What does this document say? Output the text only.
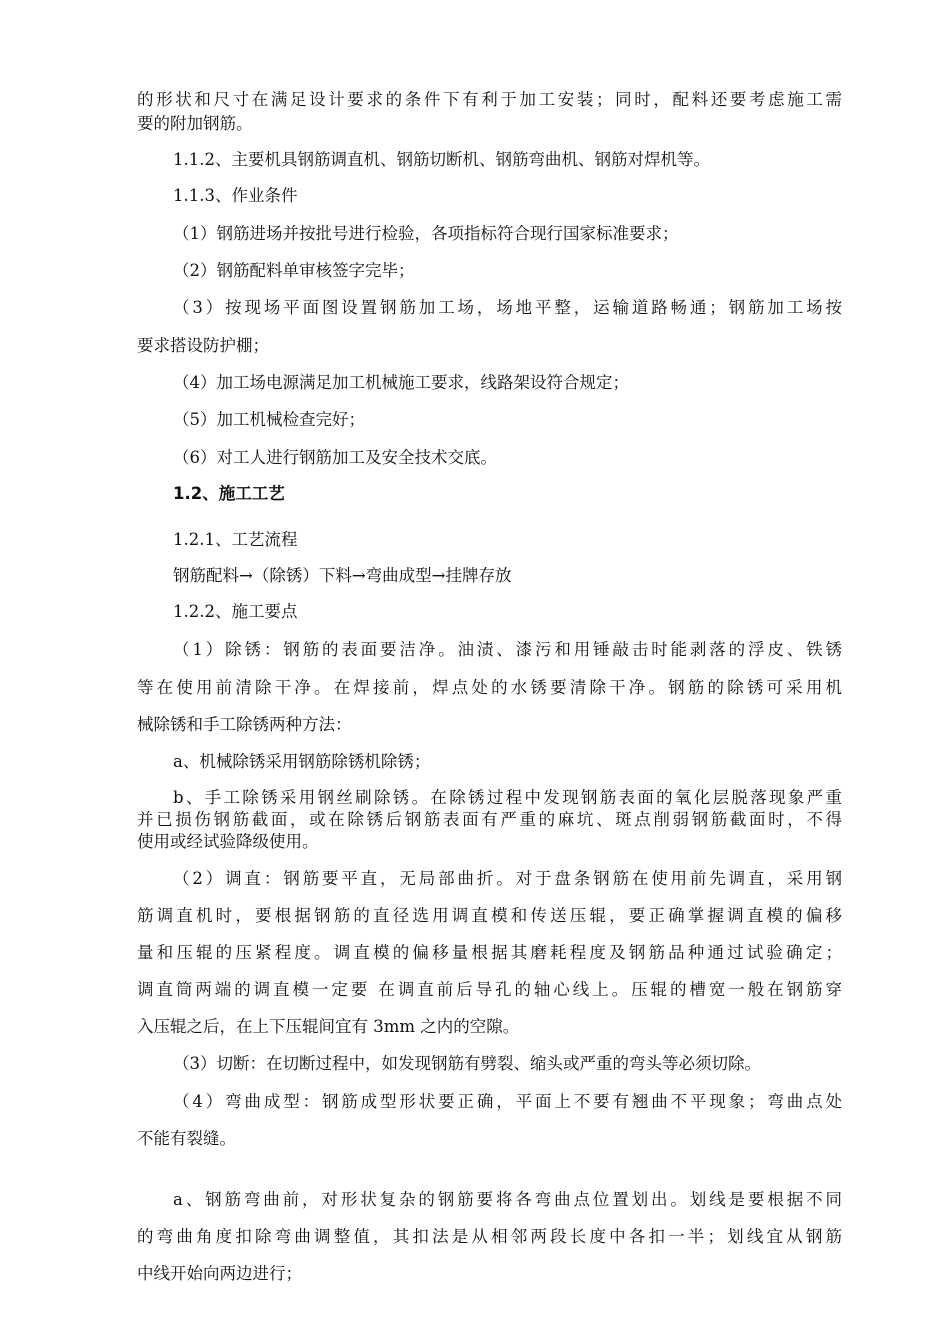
的形状和尺寸在满足设计要求的条件下有利于加工安装；同时，配料还要考虑施工需
要的附加钢筋。
1.1.2、主要机具钢筋调直机、钢筋切断机、钢筋弯曲机、钢筋对焊机等。
1.1.3、作业条件
（1）钢筋进场并按批号进行检验，各项指标符合现行国家标准要求；
（2）钢筋配料单审核签字完毕；
（3）按现场平面图设置钢筋加工场，场地平整，运输道路畅通；钢筋加工场按
要求搭设防护棚；
（4）加工场电源满足加工机械施工要求，线路架设符合规定；
（5）加工机械检查完好；
（6）对工人进行钢筋加工及安全技术交底。
1.2、施工工艺
1.2.1、工艺流程
钢筋配料→（除锈）下料→弯曲成型→挂牌存放
1.2.2、施工要点
（1）除锈：钢筋的表面要洁净。油渍、漆污和用锤敲击时能剥落的浮皮、铁锈
等在使用前清除干净。在焊接前，焊点处的水锈要清除干净。钢筋的除锈可采用机
械除锈和手工除锈两种方法：
a、机械除锈采用钢筋除锈机除锈；
b、手工除锈采用钢丝刷除锈。在除锈过程中发现钢筋表面的氧化层脱落现象严重
并已损伤钢筋截面，或在除锈后钢筋表面有严重的麻坑、斑点削弱钢筋截面时，不得
使用或经试验降级使用。
（2）调直：钢筋要平直，无局部曲折。对于盘条钢筋在使用前先调直，采用钢
筋调直机时，要根据钢筋的直径选用调直模和传送压辊，要正确掌握调直模的偏移
量和压辊的压紧程度。调直模的偏移量根据其磨耗程度及钢筋品种通过试验确定；
调直筒两端的调直模一定要 在调直前后导孔的轴心线上。压辊的槽宽一般在钢筋穿
入压辊之后，在上下压辊间宜有 3mm 之内的空隙。
（3）切断：在切断过程中，如发现钢筋有劈裂、缩头或严重的弯头等必须切除。
（4）弯曲成型：钢筋成型形状要正确，平面上不要有翘曲不平现象；弯曲点处
不能有裂缝。
a、钢筋弯曲前，对形状复杂的钢筋要将各弯曲点位置划出。划线是要根据不同
的弯曲角度扣除弯曲调整值，其扣法是从相邻两段长度中各扣一半；划线宜从钢筋
中线开始向两边进行；
